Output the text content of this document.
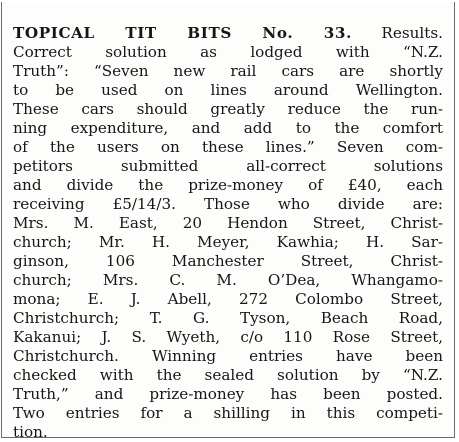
TOPICAL TIT BITS No. 33. Results.
Correct solution as lodged with “N.Z.
Truth”: “Seven new rail cars are shortly
to be used on lines around Wellington.
These cars should greatly reduce the run-
ning expenditure, and add to the comfort
of the users on these lines.” Seven com-
petitors submitted all-correct solutions
and divide the prize-money of £40, each
receiving £5/14/3. Those who divide are:
Mrs. M. East, 20 Hendon Street, Christ-
church; Mr. H. Meyer, Kawhia; H. Sar-
ginson, 106 Manchester Street, Christ-
church; Mrs. C. M. O’Dea, Whangamo-
mona; E. J. Abell, 272 Colombo Street,
Christchurch; T. G. Tyson, Beach Road,
Kakanui; J. S. Wyeth, c/o 110 Rose Street,
Christchurch. Winning entries have been
checked with the sealed solution by “N.Z.
Truth,” and prize-money has been posted.
Two entries for a shilling in this competi-
tion.
